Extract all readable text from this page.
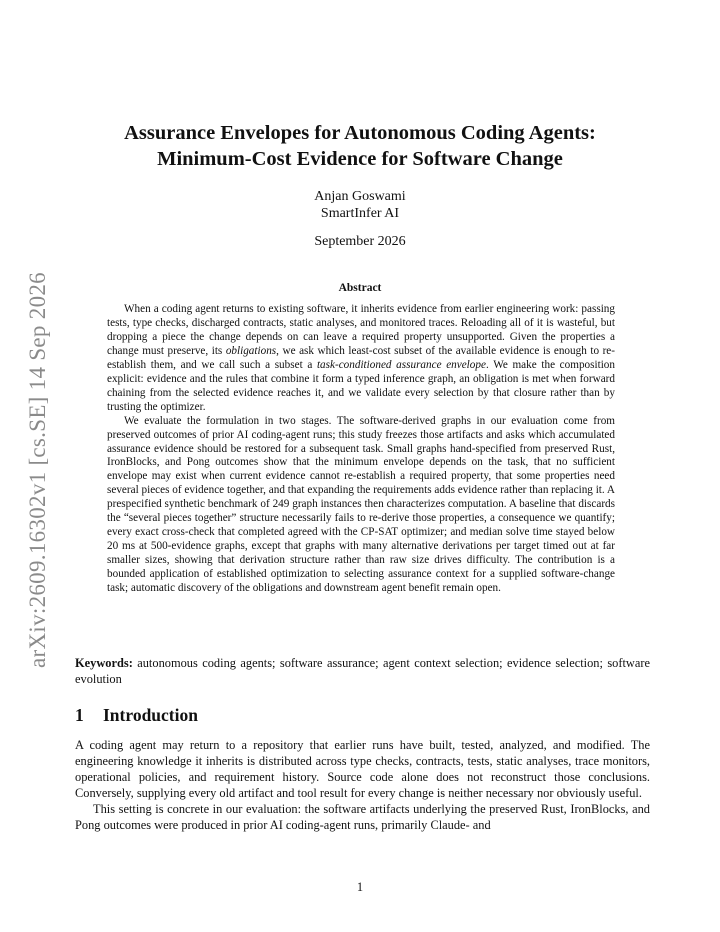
arXiv:2609.16302v1 [cs.SE] 14 Sep 2026
Assurance Envelopes for Autonomous Coding Agents:
Minimum-Cost Evidence for Software Change
Anjan Goswami
SmartInfer AI
September 2026
Abstract

When a coding agent returns to existing software, it inherits evidence from earlier engineering work: passing tests, type checks, discharged contracts, static analyses, and monitored traces. Reloading all of it is wasteful, but dropping a piece the change depends on can leave a required property unsupported. Given the properties a change must preserve, its obligations, we ask which least-cost subset of the available evidence is enough to re-establish them, and we call such a subset a task-conditioned assurance envelope. We make the composition explicit: evidence and the rules that combine it form a typed inference graph, an obligation is met when forward chaining from the selected evidence reaches it, and we validate every selection by that closure rather than by trusting the optimizer.

We evaluate the formulation in two stages. The software-derived graphs in our evaluation come from preserved outcomes of prior AI coding-agent runs; this study freezes those artifacts and asks which accumulated assurance evidence should be restored for a subsequent task. Small graphs hand-specified from preserved Rust, IronBlocks, and Pong outcomes show that the minimum envelope depends on the task, that no sufficient envelope may exist when current evidence cannot re-establish a required property, that some properties need several pieces of evidence together, and that expanding the requirements adds evidence rather than replacing it. A prespecified synthetic benchmark of 249 graph instances then characterizes computation. A baseline that discards the “several pieces together” structure necessarily fails to re-derive those properties, a consequence we quantify; every exact cross-check that completed agreed with the CP-SAT optimizer; and median solve time stayed below 20 ms at 500-evidence graphs, except that graphs with many alternative derivations per target timed out at far smaller sizes, showing that derivation structure rather than raw size drives difficulty. The contribution is a bounded application of established optimization to selecting assurance context for a supplied software-change task; automatic discovery of the obligations and downstream agent benefit remain open.

Keywords: autonomous coding agents; software assurance; agent context selection; evidence selection; software evolution
1 Introduction

A coding agent may return to a repository that earlier runs have built, tested, analyzed, and modified. The engineering knowledge it inherits is distributed across type checks, contracts, tests, static analyses, trace monitors, operational policies, and requirement history. Source code alone does not reconstruct those conclusions. Conversely, supplying every old artifact and tool result for every change is neither necessary nor obviously useful.

This setting is concrete in our evaluation: the software artifacts underlying the preserved Rust, IronBlocks, and Pong outcomes were produced in prior AI coding-agent runs, primarily Claude- and

1
